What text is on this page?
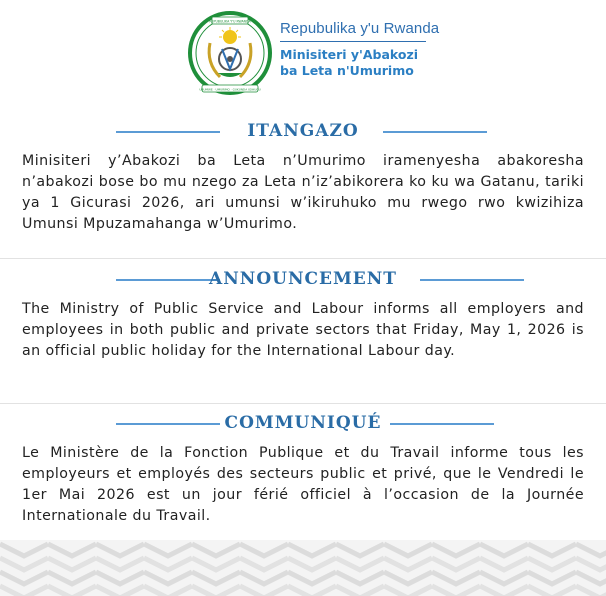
REPUBULIKA Y'U RWANDA
UBUMWE · UMURIMO · GUKUNDA IGIHUGU
Repubulika y'u Rwanda
Minisiteri y'Abakozi
ba Leta n'Umurimo
ITANGAZO
Minisiteri y’Abakozi ba Leta n’Umurimo iramenyesha abakoresha n’abakozi bose bo mu nzego za Leta n’iz’abikorera ko ku wa Gatanu, tariki ya 1 Gicurasi 2026, ari umunsi w’ikiruhuko mu rwego rwo kwizihiza Umunsi Mpuzamahanga w’Umurimo.
ANNOUNCEMENT
The Ministry of Public Service and Labour informs all employers and employees in both public and private sectors that Friday, May 1, 2026 is an official public holiday for the International Labour day.
COMMUNIQUÉ
Le Ministère de la Fonction Publique et du Travail informe tous les employeurs et employés des secteurs public et privé, que le Vendredi le 1er Mai 2026 est un jour férié officiel à l’occasion de la Journée Internationale du Travail.
